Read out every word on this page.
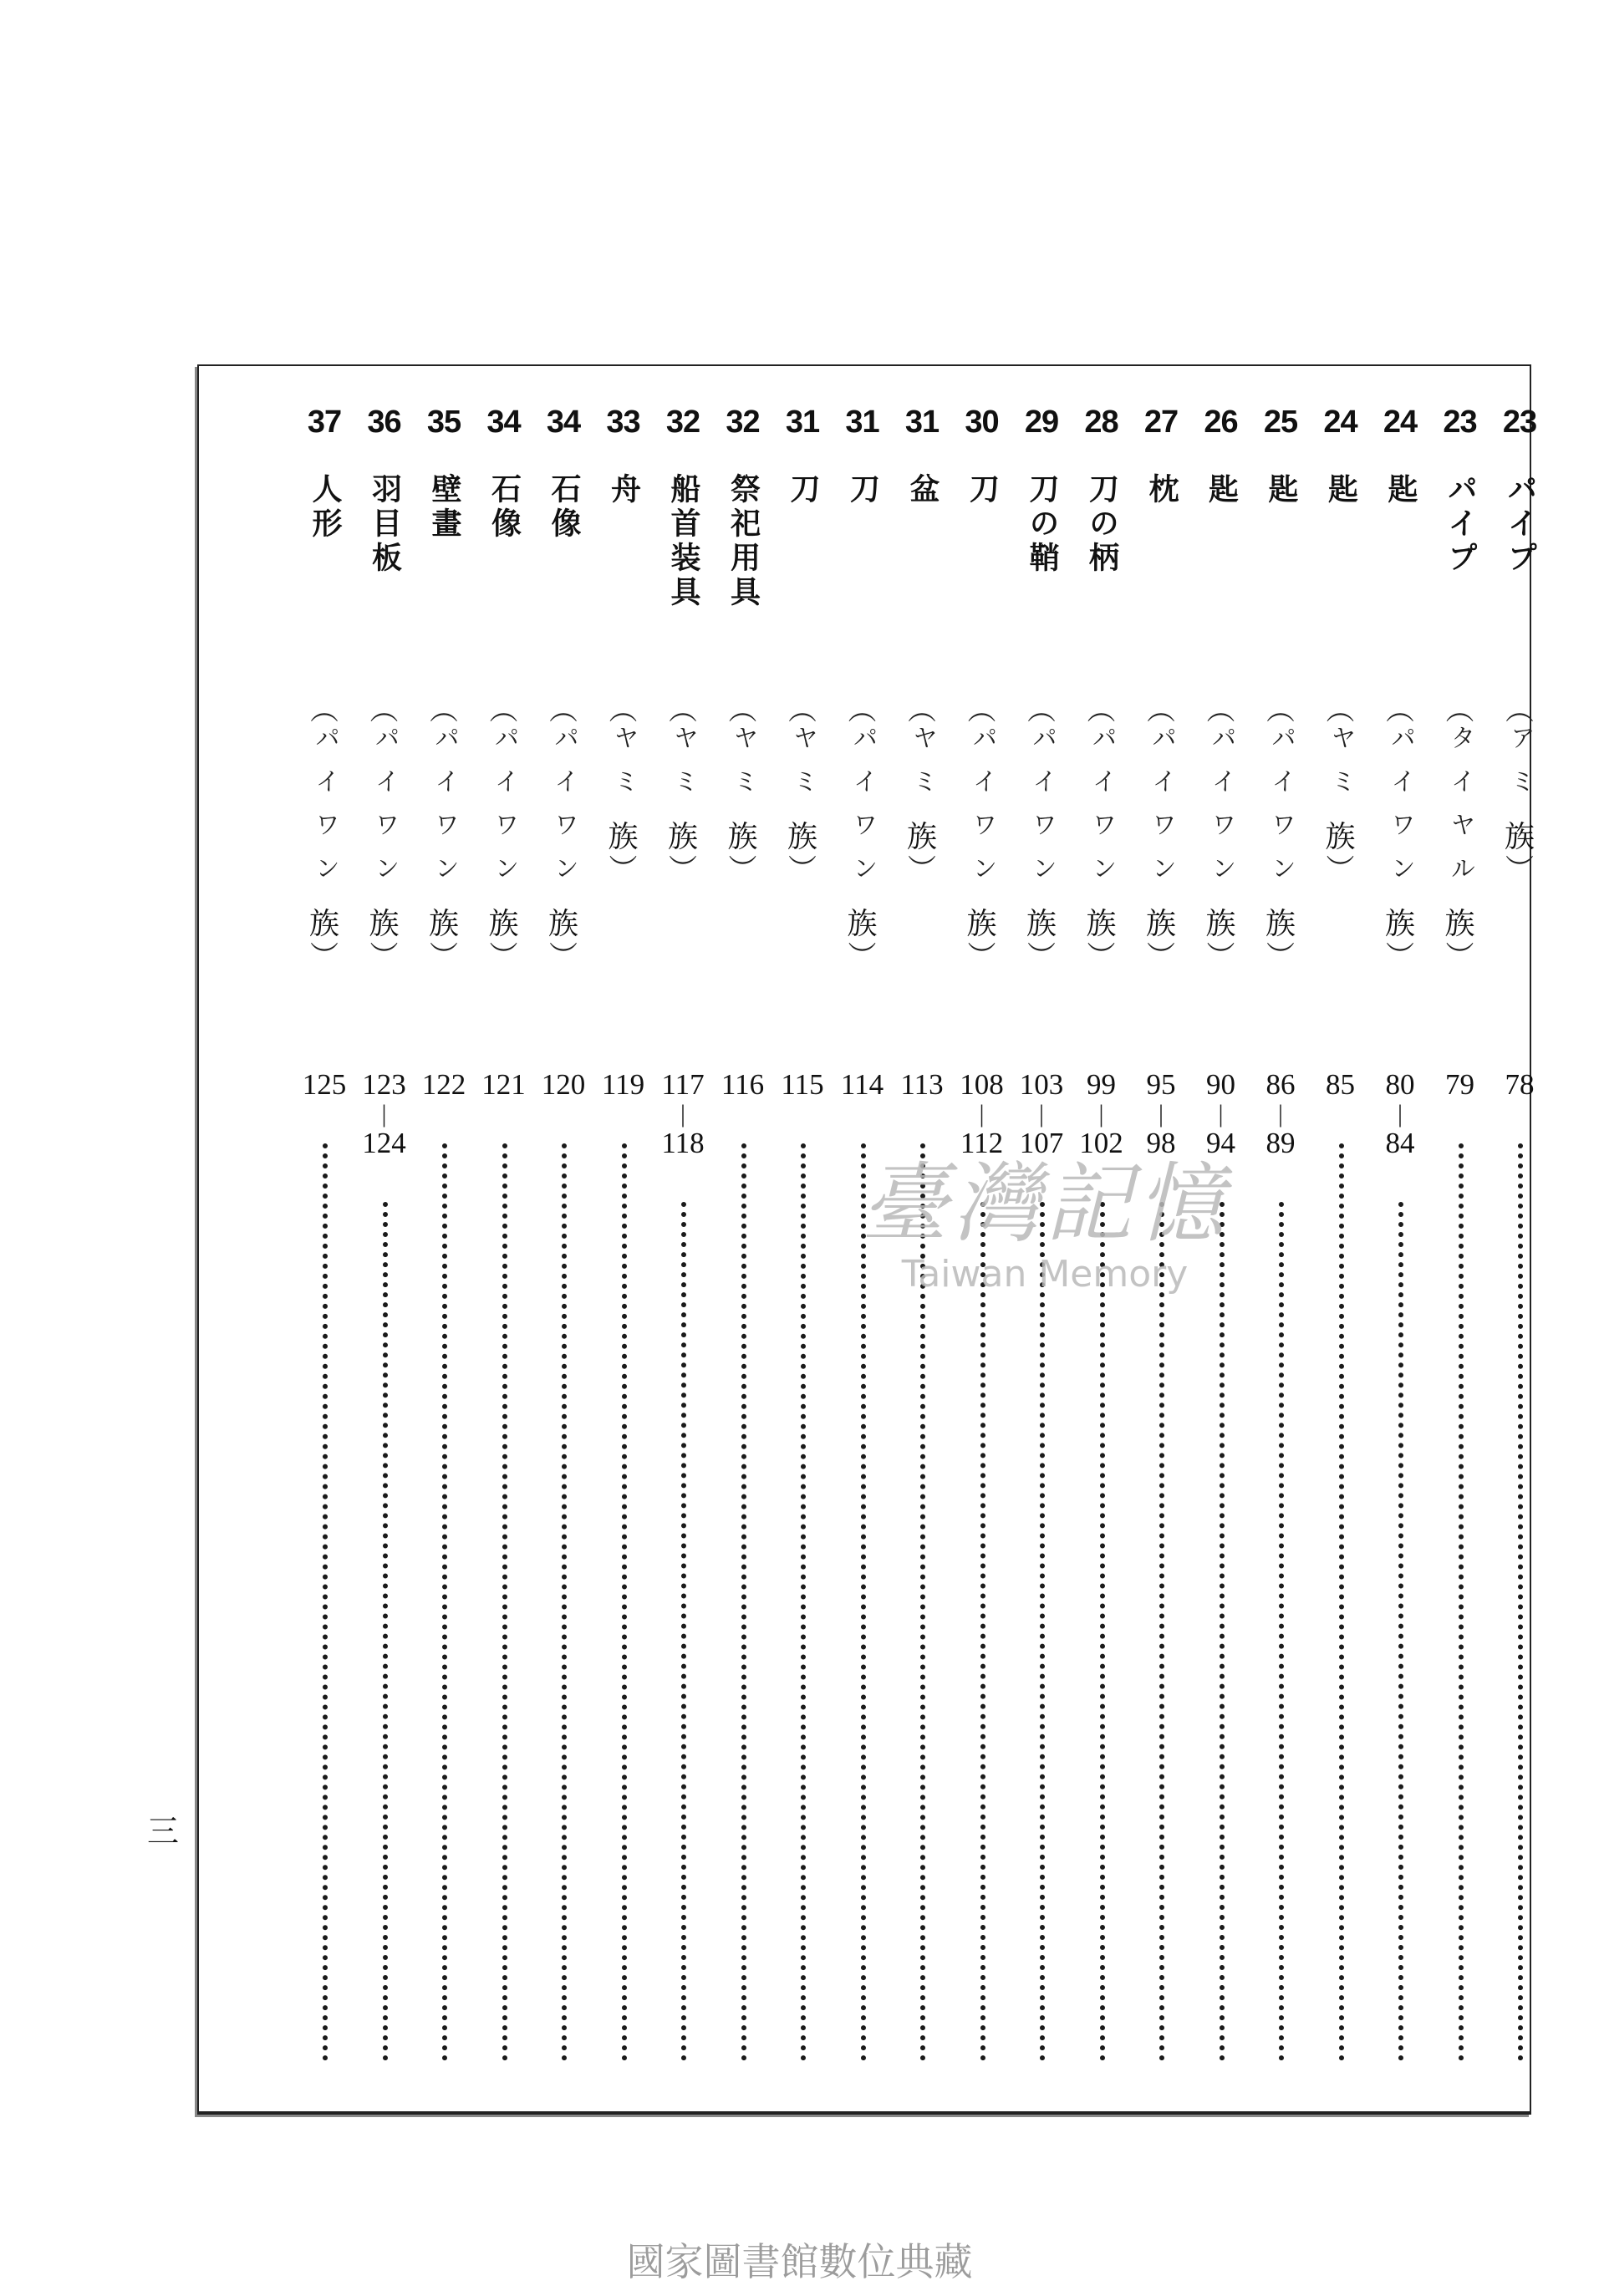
23
パイプ
︵
アミ
族
︶
78
23
パイプ
︵
タイヤル
族
︶
79
24
匙
︵
パイワン
族
︶
80
|
84
24
匙
︵
ヤミ
族
︶
85
25
匙
︵
パイワン
族
︶
86
|
89
26
匙
︵
パイワン
族
︶
90
|
94
27
枕
︵
パイワン
族
︶
95
|
98
28
刀の柄
︵
パイワン
族
︶
99
|
102
29
刀の鞘
︵
パイワン
族
︶
103
|
107
30
刀
︵
パイワン
族
︶
108
|
112
31
盆
︵
ヤミ
族
︶
113
31
刀
︵
パイワン
族
︶
114
31
刀
︵
ヤミ
族
︶
115
32
祭祀用具
︵
ヤミ
族
︶
116
32
船首装具
︵
ヤミ
族
︶
117
|
118
33
舟
︵
ヤミ
族
︶
119
34
石像
︵
パイワン
族
︶
120
34
石像
︵
パイワン
族
︶
121
35
壁畫
︵
パイワン
族
︶
122
36
羽目板
︵
パイワン
族
︶
123
|
124
37
人形
︵
パイワン
族
︶
125
三
臺灣記憶
Taiwan Memory
國家圖書館數位典藏
